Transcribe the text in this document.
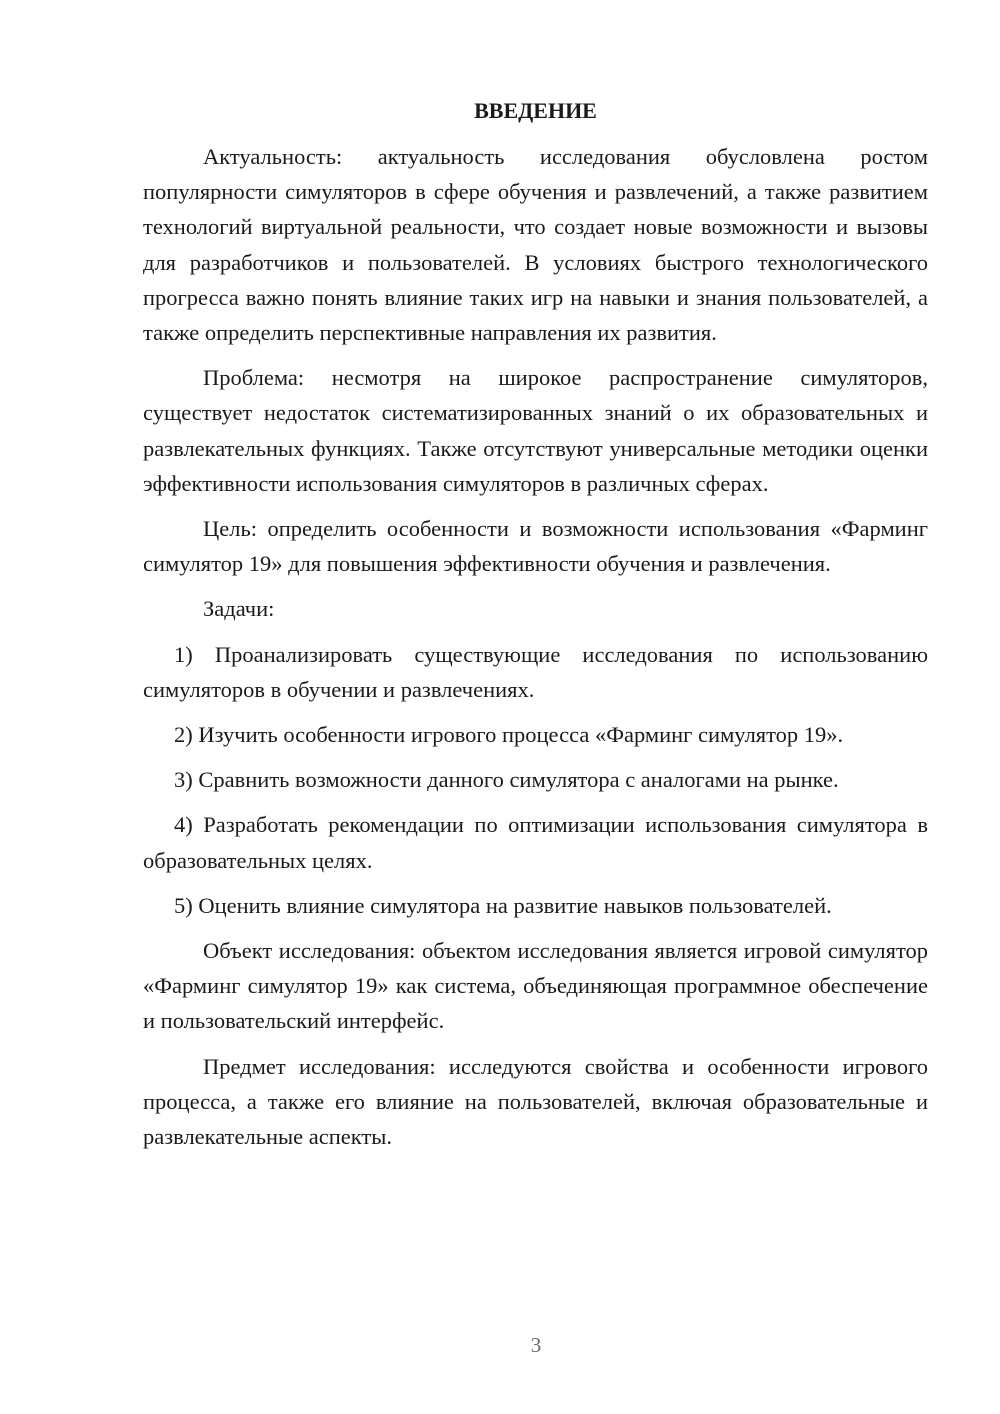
ВВЕДЕНИЕ

Актуальность: актуальность исследования обусловлена ростом популярности симуляторов в сфере обучения и развлечений, а также развитием технологий виртуальной реальности, что создает новые возможности и вызовы для разработчиков и пользователей. В условиях быстрого технологического прогресса важно понять влияние таких игр на навыки и знания пользователей, а также определить перспективные направления их развития.

Проблема: несмотря на широкое распространение симуляторов, существует недостаток систематизированных знаний о их образовательных и развлекательных функциях. Также отсутствуют универсальные методики оценки эффективности использования симуляторов в различных сферах.

Цель: определить особенности и возможности использования «Фарминг симулятор 19» для повышения эффективности обучения и развлечения.

Задачи:

1) Проанализировать существующие исследования по использованию симуляторов в обучении и развлечениях.

2) Изучить особенности игрового процесса «Фарминг симулятор 19».

3) Сравнить возможности данного симулятора с аналогами на рынке.

4) Разработать рекомендации по оптимизации использования симулятора в образовательных целях.

5) Оценить влияние симулятора на развитие навыков пользователей.

Объект исследования: объектом исследования является игровой симулятор «Фарминг симулятор 19» как система, объединяющая программное обеспечение и пользовательский интерфейс.

Предмет исследования: исследуются свойства и особенности игрового процесса, а также его влияние на пользователей, включая образовательные и развлекательные аспекты.

3
